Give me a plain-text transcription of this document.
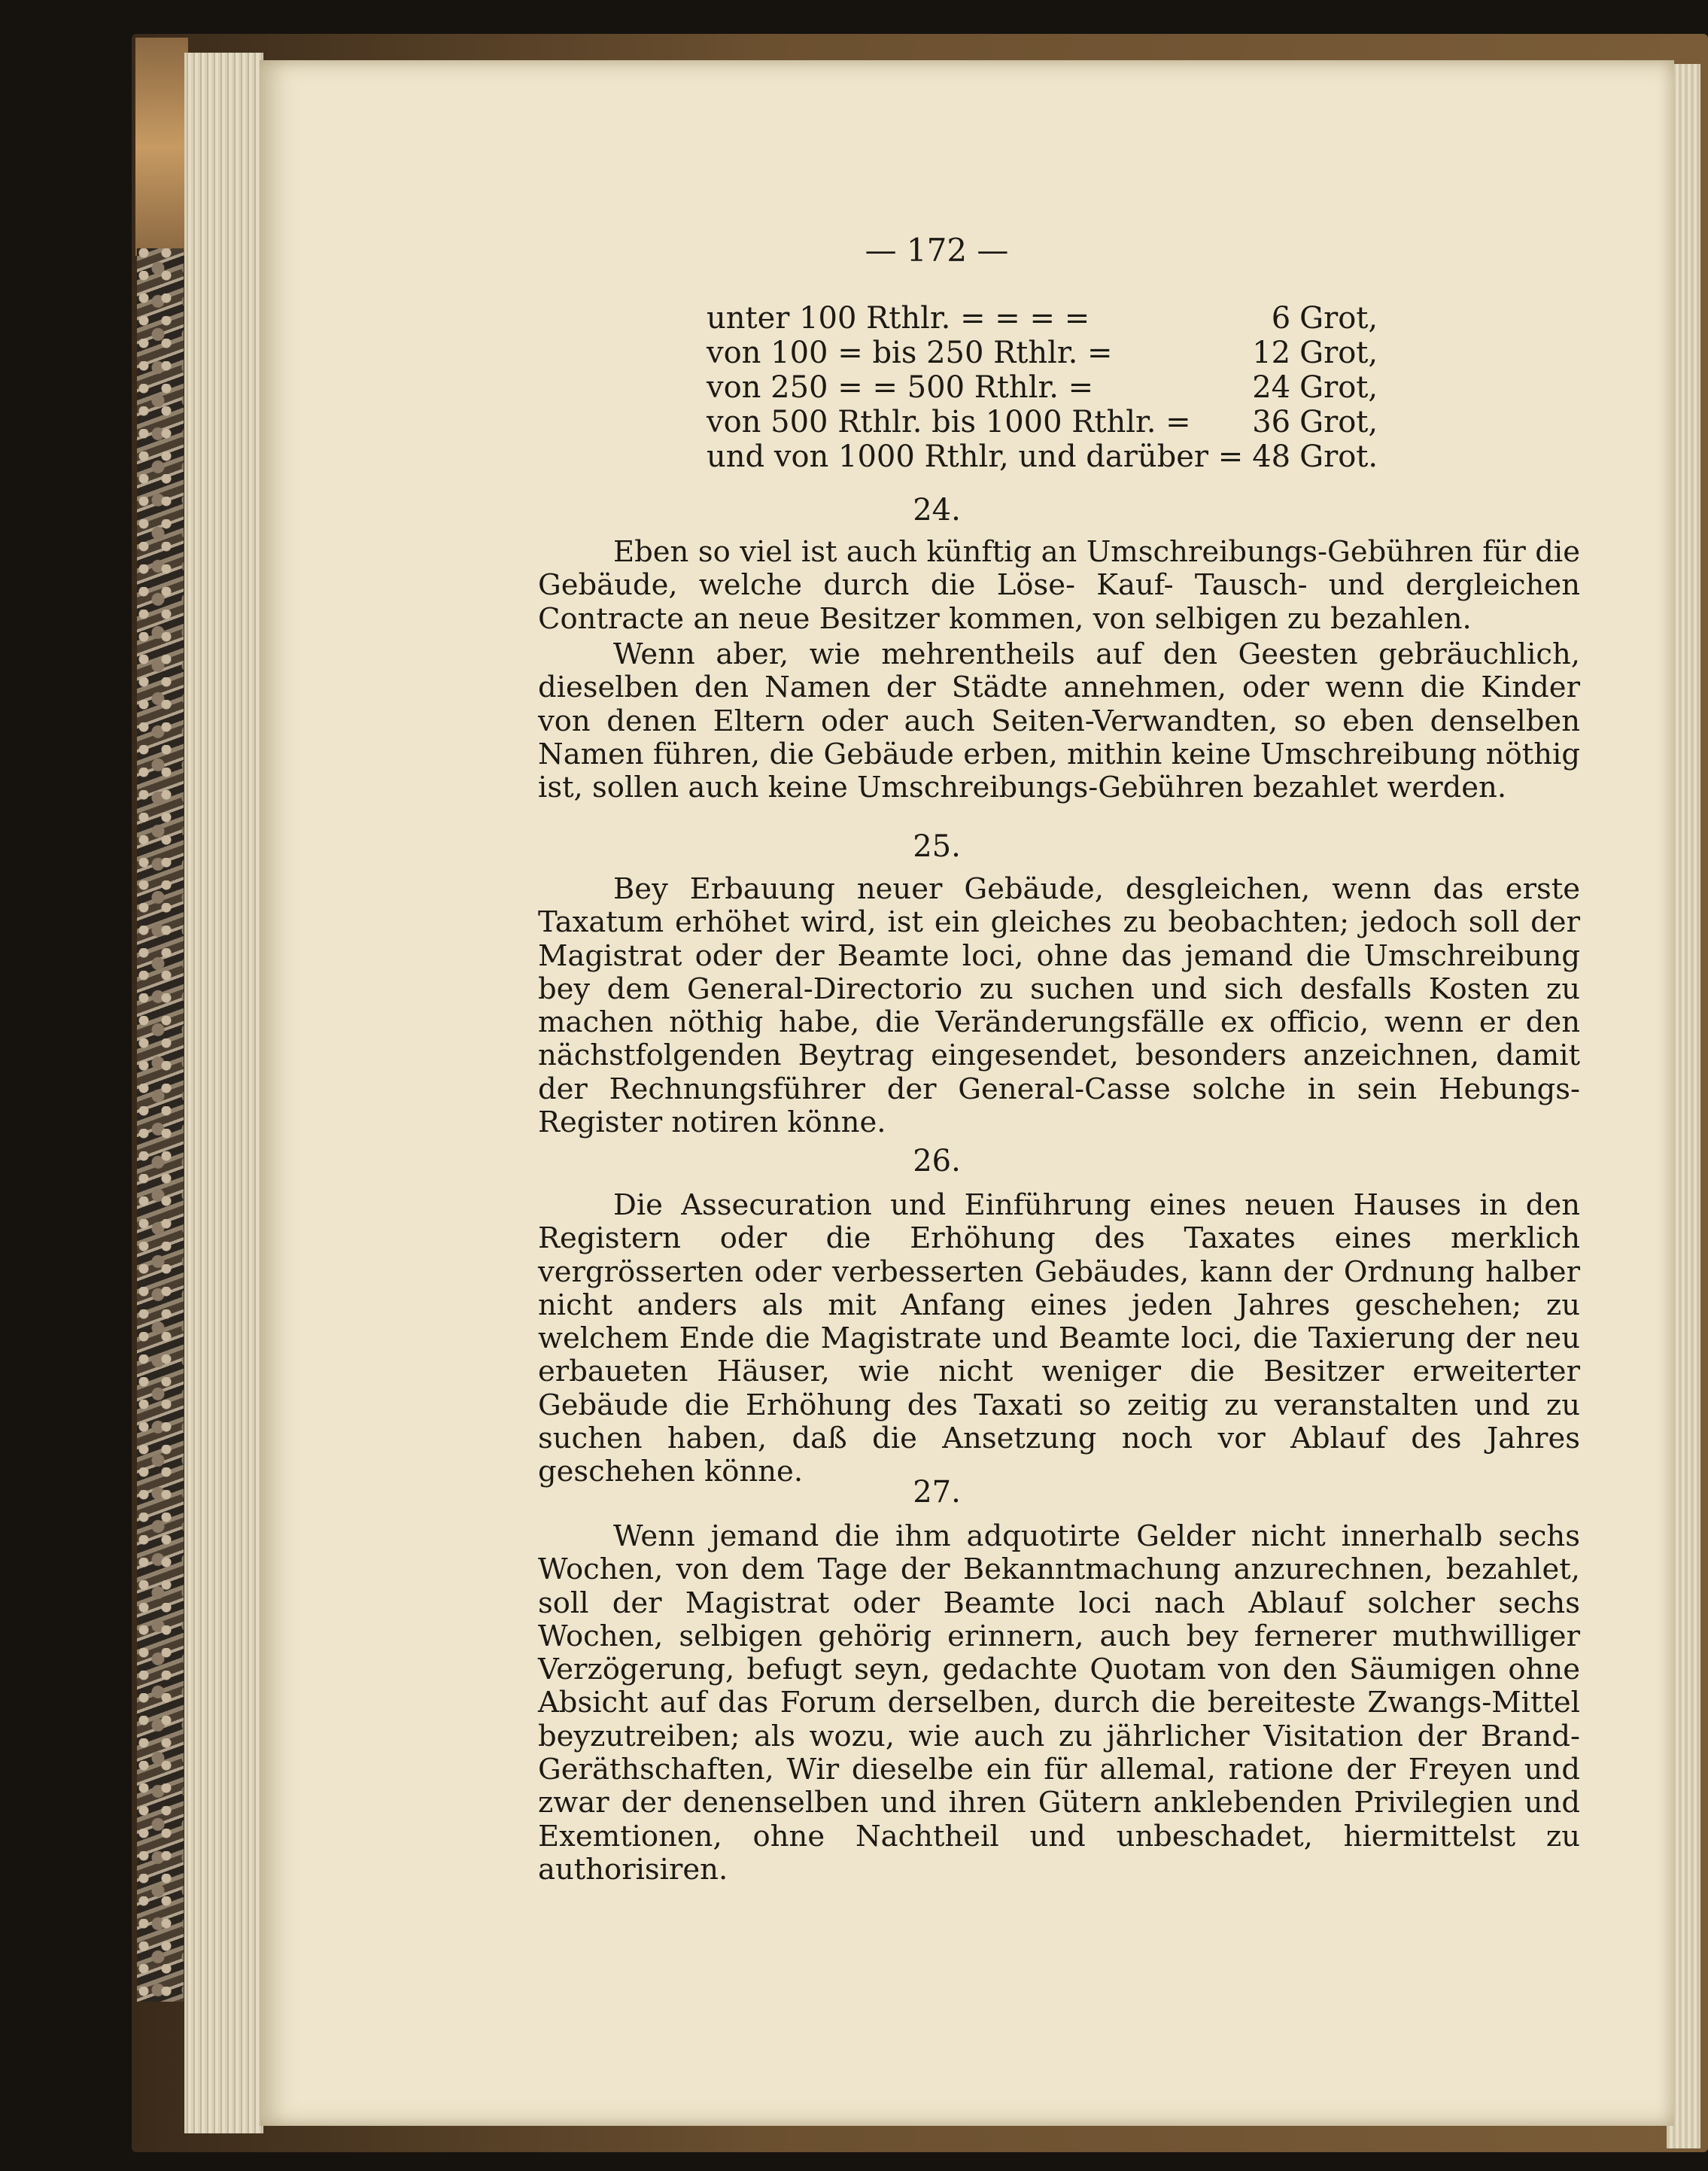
— 172 —
unter 100 Rthlr. = = = =	6	Grot,
von 100 = bis 250 Rthlr. =	12	Grot,
von 250 = = 500 Rthlr. =	24	Grot,
von 500 Rthlr. bis 1000 Rthlr. =	36	Grot,
und von 1000 Rthlr, und darüber =	48	Grot.
24.
Eben so viel ist auch künftig an Umschreibungs-Gebühren für die Gebäude, welche durch die Löse- Kauf- Tausch- und dergleichen Contracte an neue Besitzer kommen, von selbigen zu bezahlen.
Wenn aber, wie mehrentheils auf den Geesten gebräuchlich, dieselben den Namen der Städte annehmen, oder wenn die Kinder von denen Eltern oder auch Seiten-Verwandten, so eben denselben Namen führen, die Gebäude erben, mithin keine Umschreibung nöthig ist, sollen auch keine Umschreibungs-Gebühren bezahlet werden.
25.
Bey Erbauung neuer Gebäude, desgleichen, wenn das erste Taxatum erhöhet wird, ist ein gleiches zu beobachten; jedoch soll der Magistrat oder der Beamte loci, ohne das jemand die Umschreibung bey dem General-Directorio zu suchen und sich desfalls Kosten zu machen nöthig habe, die Veränderungsfälle ex officio, wenn er den nächstfolgenden Beytrag eingesendet, besonders anzeichnen, damit der Rechnungsführer der General-Casse solche in sein Hebungs-Register notiren könne.
26.
Die Assecuration und Einführung eines neuen Hauses in den Registern oder die Erhöhung des Taxates eines merklich vergrösserten oder verbesserten Gebäudes, kann der Ordnung halber nicht anders als mit Anfang eines jeden Jahres geschehen; zu welchem Ende die Magistrate und Beamte loci, die Taxierung der neu erbaueten Häuser, wie nicht weniger die Besitzer erweiterter Gebäude die Erhöhung des Taxati so zeitig zu veranstalten und zu suchen haben, daß die Ansetzung noch vor Ablauf des Jahres geschehen könne.
27.
Wenn jemand die ihm adquotirte Gelder nicht innerhalb sechs Wochen, von dem Tage der Bekanntmachung anzurechnen, bezahlet, soll der Magistrat oder Beamte loci nach Ablauf solcher sechs Wochen, selbigen gehörig erinnern, auch bey fernerer muthwilliger Verzögerung, befugt seyn, gedachte Quotam von den Säumigen ohne Absicht auf das Forum derselben, durch die bereiteste Zwangs-Mittel beyzutreiben; als wozu, wie auch zu jährlicher Visitation der Brand-Geräthschaften, Wir dieselbe ein für allemal, ratione der Freyen und zwar der denenselben und ihren Gütern anklebenden Privilegien und Exemtionen, ohne Nachtheil und unbeschadet, hiermittelst zu authorisiren.
